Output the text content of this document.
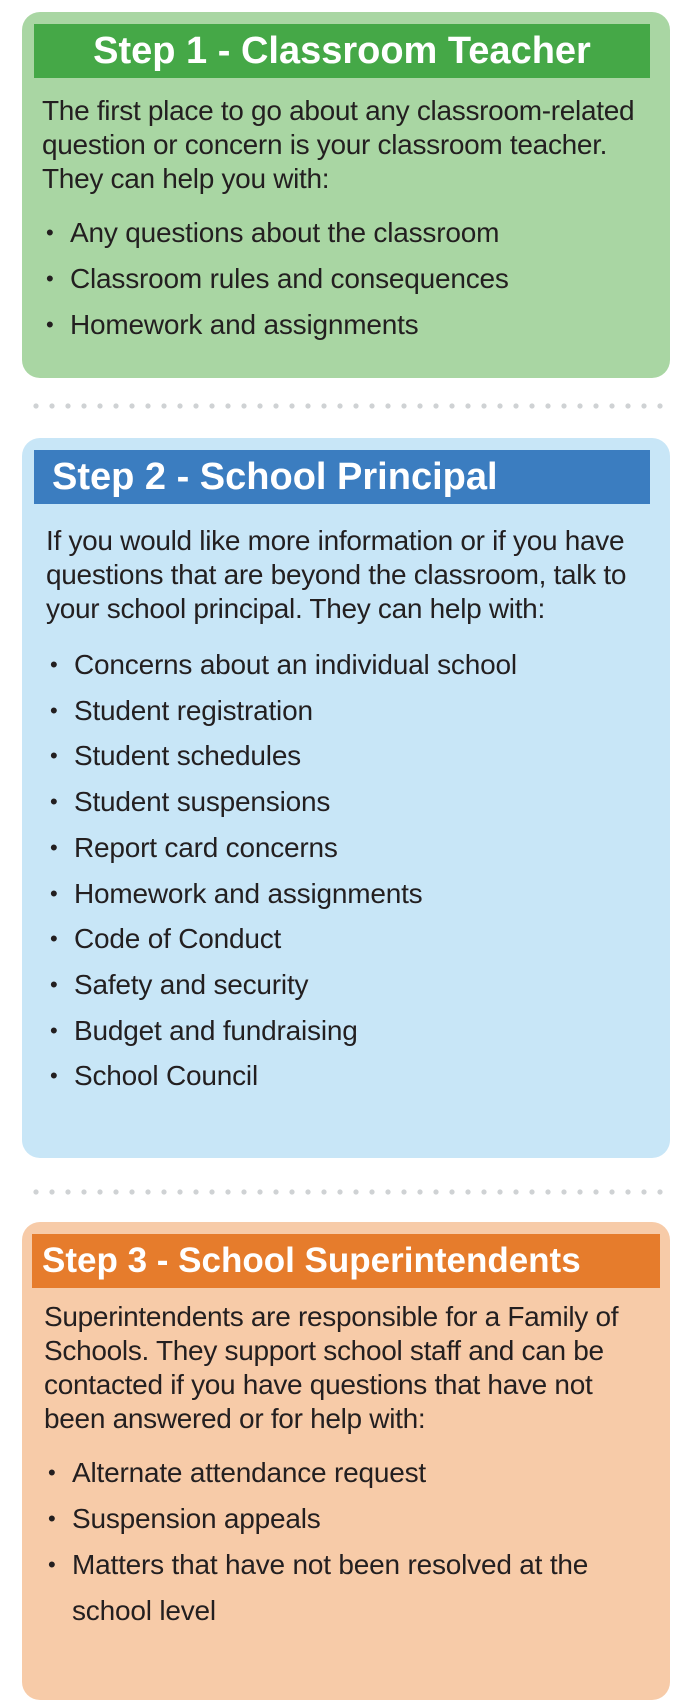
Step 1 - Classroom Teacher

The first place to go about any classroom-related question or concern is your classroom teacher. They can help you with:

• Any questions about the classroom
• Classroom rules and consequences
• Homework and assignments
Step 2 - School Principal

If you would like more information or if you have questions that are beyond the classroom, talk to your school principal. They can help with:

• Concerns about an individual school
• Student registration
• Student schedules
• Student suspensions
• Report card concerns
• Homework and assignments
• Code of Conduct
• Safety and security
• Budget and fundraising
• School Council
Step 3 - School Superintendents

Superintendents are responsible for a Family of Schools. They support school staff and can be contacted if you have questions that have not been answered or for help with:

• Alternate attendance request
• Suspension appeals
• Matters that have not been resolved at the school level
